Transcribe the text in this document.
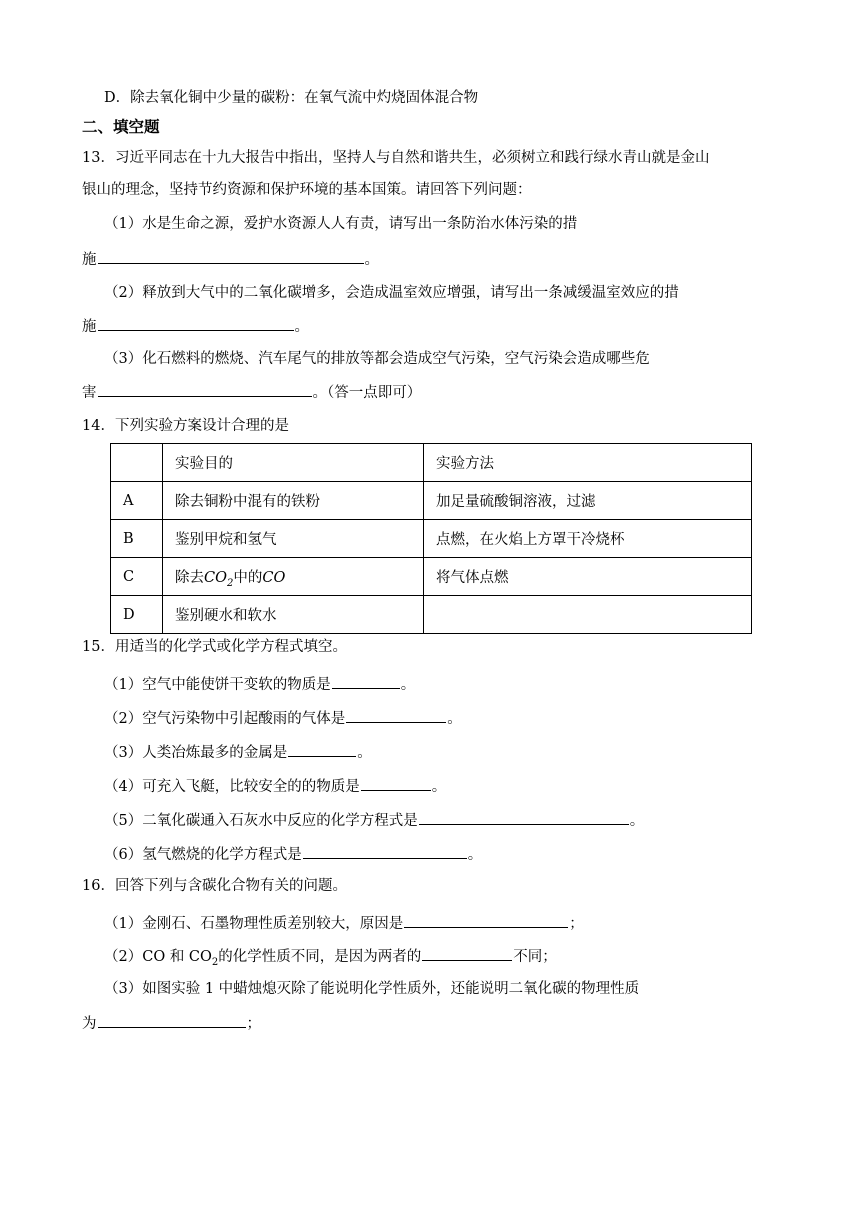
D．除去氧化铜中少量的碳粉：在氧气流中灼烧固体混合物
二、填空题
13．习近平同志在十九大报告中指出，坚持人与自然和谐共生，必须树立和践行绿水青山就是金山
银山的理念，坚持节约资源和保护环境的基本国策。请回答下列问题：
（1）水是生命之源，爱护水资源人人有责，请写出一条防治水体污染的措
施	。
（2）释放到大气中的二氧化碳增多，会造成温室效应增强，请写出一条减缓温室效应的措
施	。
（3）化石燃料的燃烧、汽车尾气的排放等都会造成空气污染，空气污染会造成哪些危
害	。（答一点即可）
14．下列实验方案设计合理的是
	实验目的	实验方法
A	除去铜粉中混有的铁粉	加足量硫酸铜溶液，过滤
B	鉴别甲烷和氢气	点燃，在火焰上方罩干冷烧杯
C	除去$CO_2$中的CO	将气体点燃
D	鉴别硬水和软水	
15．用适当的化学式或化学方程式填空。
（1）空气中能使饼干变软的物质是	。
（2）空气污染物中引起酸雨的气体是	。
（3）人类冶炼最多的金属是	。
（4）可充入飞艇，比较安全的的物质是	。
（5）二氧化碳通入石灰水中反应的化学方程式是	。
（6）氢气燃烧的化学方程式是	。
16．回答下列与含碳化合物有关的问题。
（1）金刚石、石墨物理性质差别较大，原因是	；
（2）CO 和 $CO_2$的化学性质不同，是因为两者的	不同；
（3）如图实验 1 中蜡烛熄灭除了能说明化学性质外，还能说明二氧化碳的物理性质
为	；
